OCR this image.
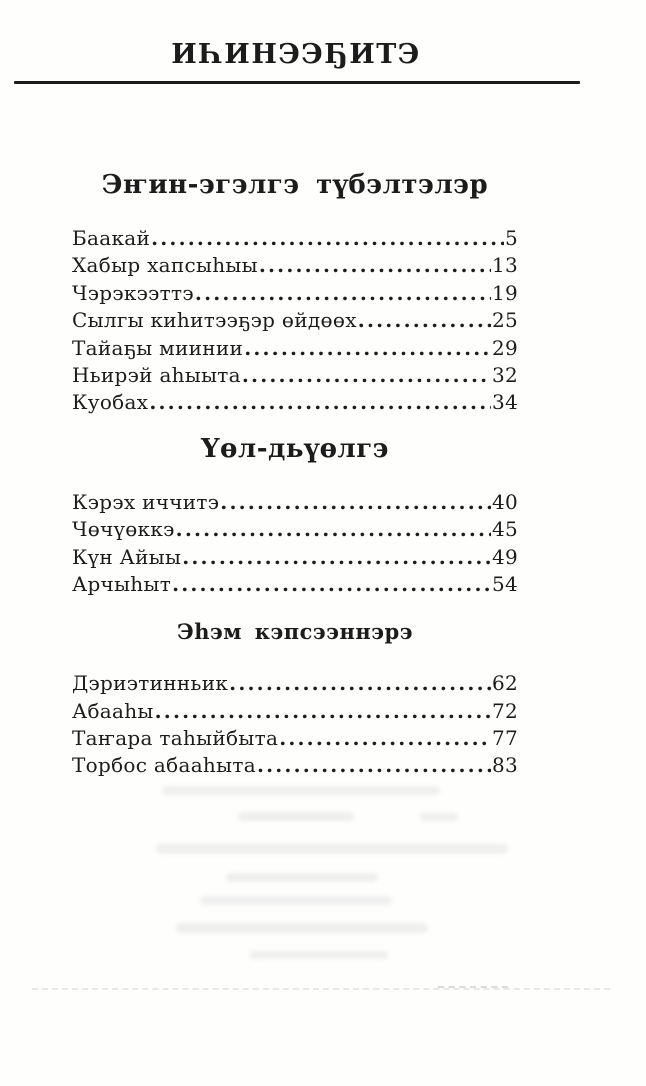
ИҺИНЭЭҔИТЭ
Эҥин-эгэлгэ түбэлтэлэр
Баакай .....	5
Хабыр хапсыһыы .....	13
Чэрэкээттэ .....	19
Сылгы киһитээҕэр өйдөөх .....	25
Тайаҕы миинии .....	29
Ньирэй аһыыта .....	32
Куобах .....	34
Үөл-дьүөлгэ
Кэрэх иччитэ .....	40
Чөчүөккэ .....	45
Күн Айыы .....	49
Арчыһыт .....	54
Эһэм кэпсээннэрэ
Дэриэтинньик .....	62
Абааһы .....	72
Таҥара таһыйбыта .....	77
Торбос абааһыта .....	83
